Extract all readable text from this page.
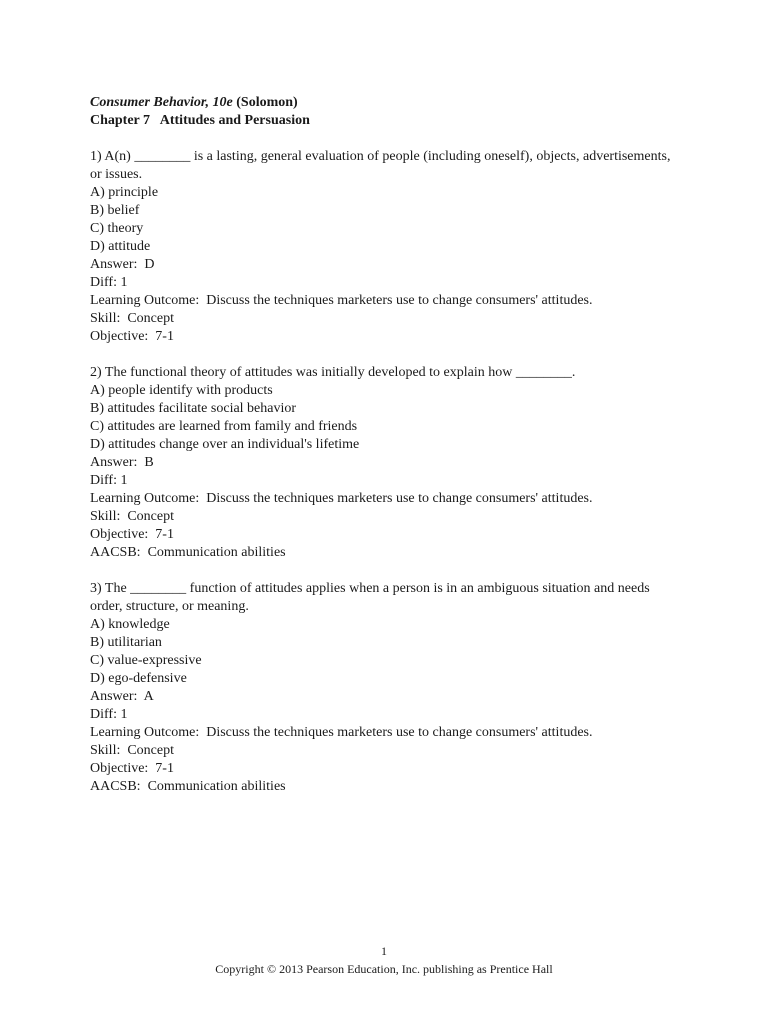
Consumer Behavior, 10e (Solomon)
Chapter 7   Attitudes and Persuasion
1) A(n) ________ is a lasting, general evaluation of people (including oneself), objects, advertisements, or issues.
A) principle
B) belief
C) theory
D) attitude
Answer:  D
Diff: 1
Learning Outcome:  Discuss the techniques marketers use to change consumers' attitudes.
Skill:  Concept
Objective:  7-1
2) The functional theory of attitudes was initially developed to explain how ________.
A) people identify with products
B) attitudes facilitate social behavior
C) attitudes are learned from family and friends
D) attitudes change over an individual's lifetime
Answer:  B
Diff: 1
Learning Outcome:  Discuss the techniques marketers use to change consumers' attitudes.
Skill:  Concept
Objective:  7-1
AACSB:  Communication abilities
3) The ________ function of attitudes applies when a person is in an ambiguous situation and needs order, structure, or meaning.
A) knowledge
B) utilitarian
C) value-expressive
D) ego-defensive
Answer:  A
Diff: 1
Learning Outcome:  Discuss the techniques marketers use to change consumers' attitudes.
Skill:  Concept
Objective:  7-1
AACSB:  Communication abilities
1
Copyright © 2013 Pearson Education, Inc. publishing as Prentice Hall
